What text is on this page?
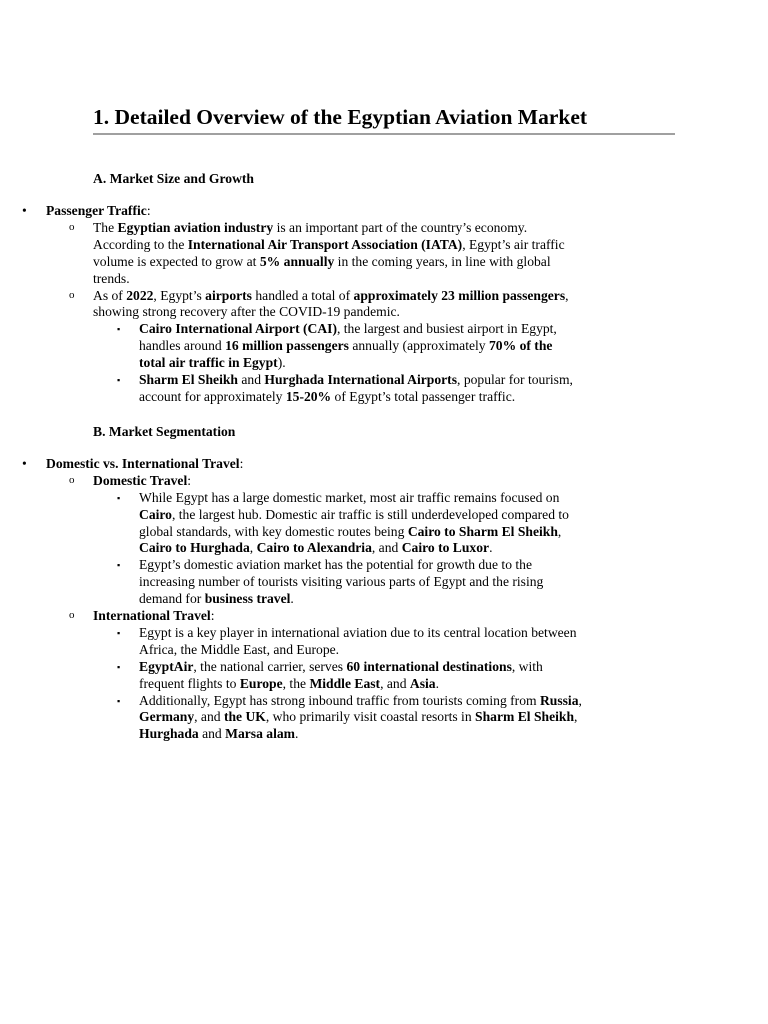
1. Detailed Overview of the Egyptian Aviation Market
A. Market Size and Growth
• Passenger Traffic:
o The Egyptian aviation industry is an important part of the country’s economy. According to the International Air Transport Association (IATA), Egypt’s air traffic volume is expected to grow at 5% annually in the coming years, in line with global trends.

o As of 2022, Egypt’s airports handled a total of approximately 23 million passengers, showing strong recovery after the COVID-19 pandemic.

▪ Cairo International Airport (CAI), the largest and busiest airport in Egypt, handles around 16 million passengers annually (approximately 70% of the total air traffic in Egypt).

▪ Sharm El Sheikh and Hurghada International Airports, popular for tourism, account for approximately 15-20% of Egypt’s total passenger traffic.

B. Market Segmentation
• Domestic vs. International Travel:
o Domestic Travel:
▪ While Egypt has a large domestic market, most air traffic remains focused on Cairo, the largest hub. Domestic air traffic is still underdeveloped compared to global standards, with key domestic routes being Cairo to Sharm El Sheikh, Cairo to Hurghada, Cairo to Alexandria, and Cairo to Luxor.

▪ Egypt’s domestic aviation market has the potential for growth due to the increasing number of tourists visiting various parts of Egypt and the rising demand for business travel.

o International Travel:
▪ Egypt is a key player in international aviation due to its central location between Africa, the Middle East, and Europe.

▪ EgyptAir, the national carrier, serves 60 international destinations, with frequent flights to Europe, the Middle East, and Asia.

▪ Additionally, Egypt has strong inbound traffic from tourists coming from Russia, Germany, and the UK, who primarily visit coastal resorts in Sharm El Sheikh, Hurghada and Marsa alam.
